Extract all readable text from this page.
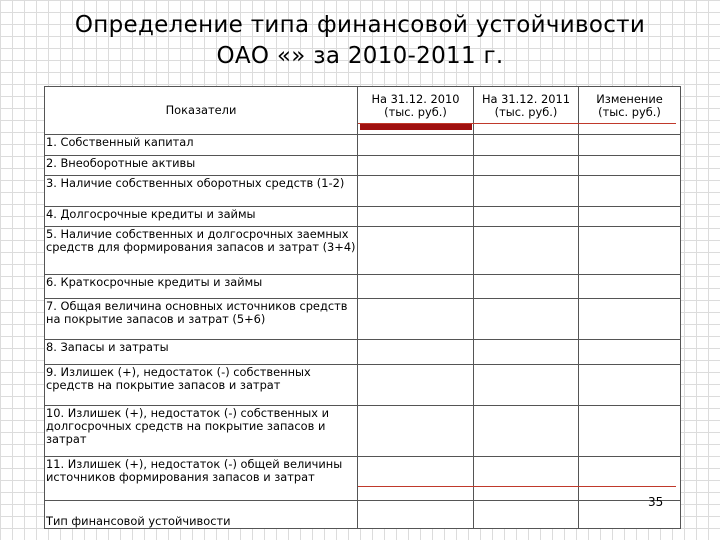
Определение типа финансовой устойчивости
ОАО «» за 2010-2011 г.
Показатели	На 31.12. 2010 (тыс. руб.)	На 31.12. 2011 (тыс. руб.)	Изменение (тыс. руб.)
1. Собственный капитал			
2. Внеоборотные активы			
3. Наличие собственных оборотных средств (1-2)			
4. Долгосрочные кредиты и займы			
5. Наличие собственных и долгосрочных заемных средств для формирования запасов и затрат (3+4)			
6. Краткосрочные кредиты и займы			
7. Общая величина основных источников средств на покрытие запасов и затрат (5+6)			
8. Запасы и затраты			
9. Излишек (+), недостаток (-) собственных средств на покрытие запасов и затрат			
10. Излишек (+), недостаток (-) собственных и долгосрочных средств на покрытие запасов и затрат			
11. Излишек (+), недостаток (-) общей величины источников формирования запасов и затрат			
Тип финансовой устойчивости			
35
